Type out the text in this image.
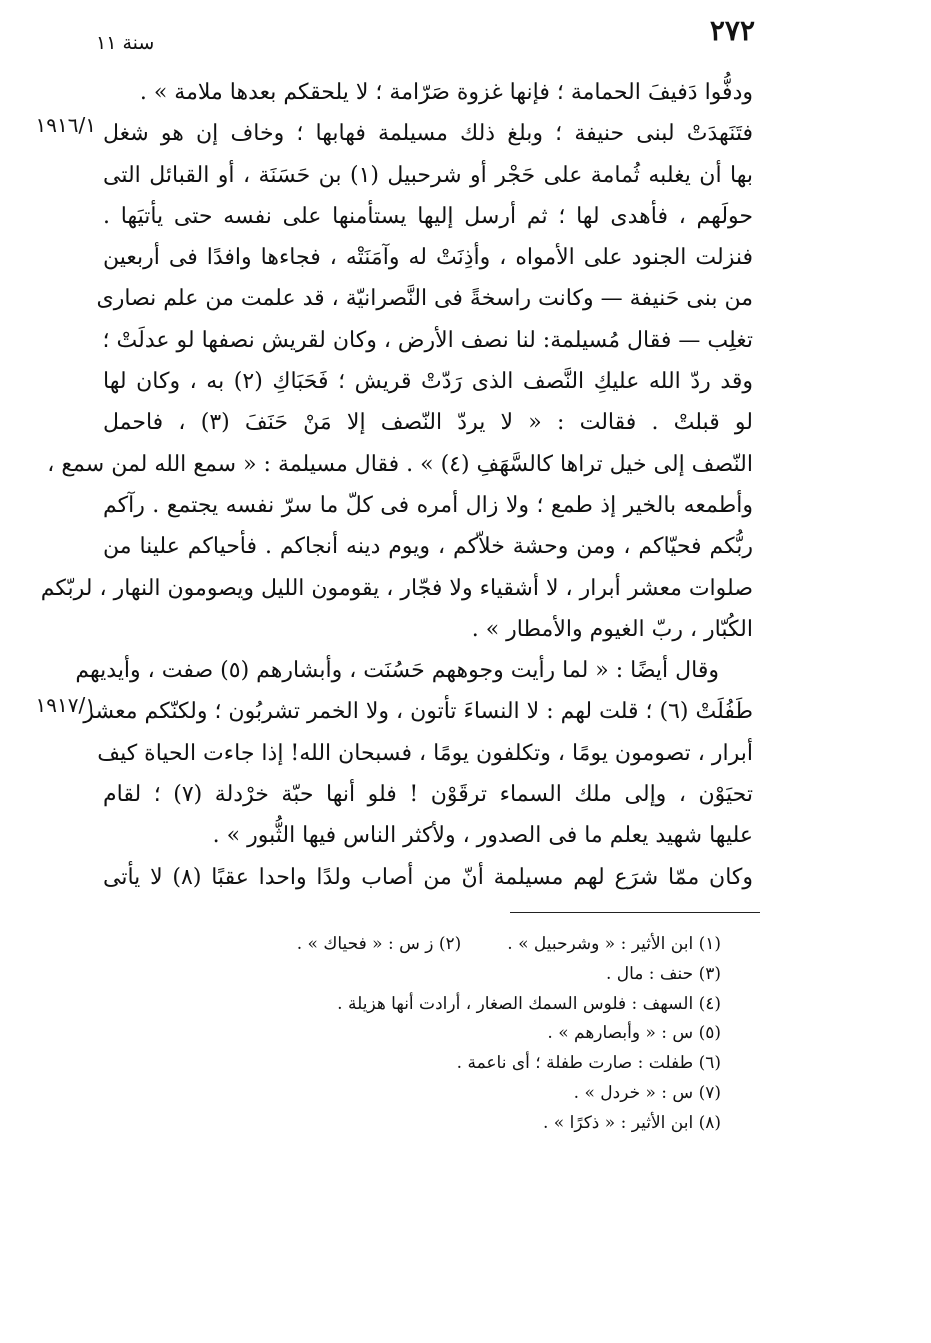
٢٧٢
سنة ١١
١٩١٦/١
١٩١٧/١
ودفُّوا دَفيفَ الحمامة ؛ فإنها غزوة صَرّامة ؛ لا يلحقكم بعدها ملامة » .
فتَنَهدَتْ لبنى حنيفة ؛ وبلغ ذلك مسيلمة فهابها ؛ وخاف إن هو شغل
بها أن يغلبه ثُمامة على حَجْر أو شرحبيل (١) بن حَسَنَة ، أو القبائل التى
حولَهم ، فأهدى لها ؛ ثم أرسل إليها يستأمنها على نفسه حتى يأتيَها .
فنزلت الجنود على الأمواه ، وأذِنَتْ له وآمَنَتْه ، فجاءها وافدًا فى أربعين
من بنى حَنيفة — وكانت راسخةً فى النَّصرانيّة ، قد علمت من علم نصارى
تغلِب — فقال مُسيلمة: لنا نصف الأرض ، وكان لقريش نصفها لو عدلَتْ ؛
وقد ردّ الله عليكِ النَّصف الذى رَدّتْ قريش ؛ فَحَبَاكِ (٢) به ، وكان لها
لو قبلتْ . فقالت : « لا يردّ النّصف إلا مَنْ حَنَفَ (٣) ، فاحمل
النّصف إلى خيل تراها كالسَّهَفِ (٤) » . فقال مسيلمة : « سمع الله لمن سمع ،
وأطمعه بالخير إذ طمع ؛ ولا زال أمره فى كلّ ما سرّ نفسه يجتمع . رآكم
ربُّكم فحيّاكم ، ومن وحشة خلاّكم ، ويوم دينه أنجاكم . فأحياكم علينا من
صلوات معشر أبرار ، لا أشقياء ولا فجّار ، يقومون الليل ويصومون النهار ، لربّكم
الكُبّار ، ربّ الغيوم والأمطار » .
وقال أيضًا : « لما رأيت وجوههم حَسُنَت ، وأبشارهم (٥) صفت ، وأيديهم
طَفُلَتْ (٦) ؛ قلت لهم : لا النساءَ تأتون ، ولا الخمر تشربُون ؛ ولكنّكم معشر
أبرار ، تصومون يومًا ، وتكلفون يومًا ، فسبحان الله! إذا جاءت الحياة كيف
تحيَوْن ، وإلى ملك السماء ترقَوْن ! فلو أنها حبّة خرْدلة (٧) ؛ لقام
عليها شهيد يعلم ما فى الصدور ، ولأكثر الناس فيها الثُّبور » .
وكان ممّا شرَع لهم مسيلمة أنّ من أصاب ولدًا واحدا عقبًا (٨) لا يأتى
(١) ابن الأثير : « وشرحبيل » .
(٢) ز س : « فحياك » .
(٣) حنف : مال .
(٤) السهف : فلوس السمك الصغار ، أرادت أنها هزيلة .
(٥) س : « وأبصارهم » .
(٦) طفلت : صارت طفلة ؛ أى ناعمة .
(٧) س : « خردل » .
(٨) ابن الأثير : « ذكرًا » .
